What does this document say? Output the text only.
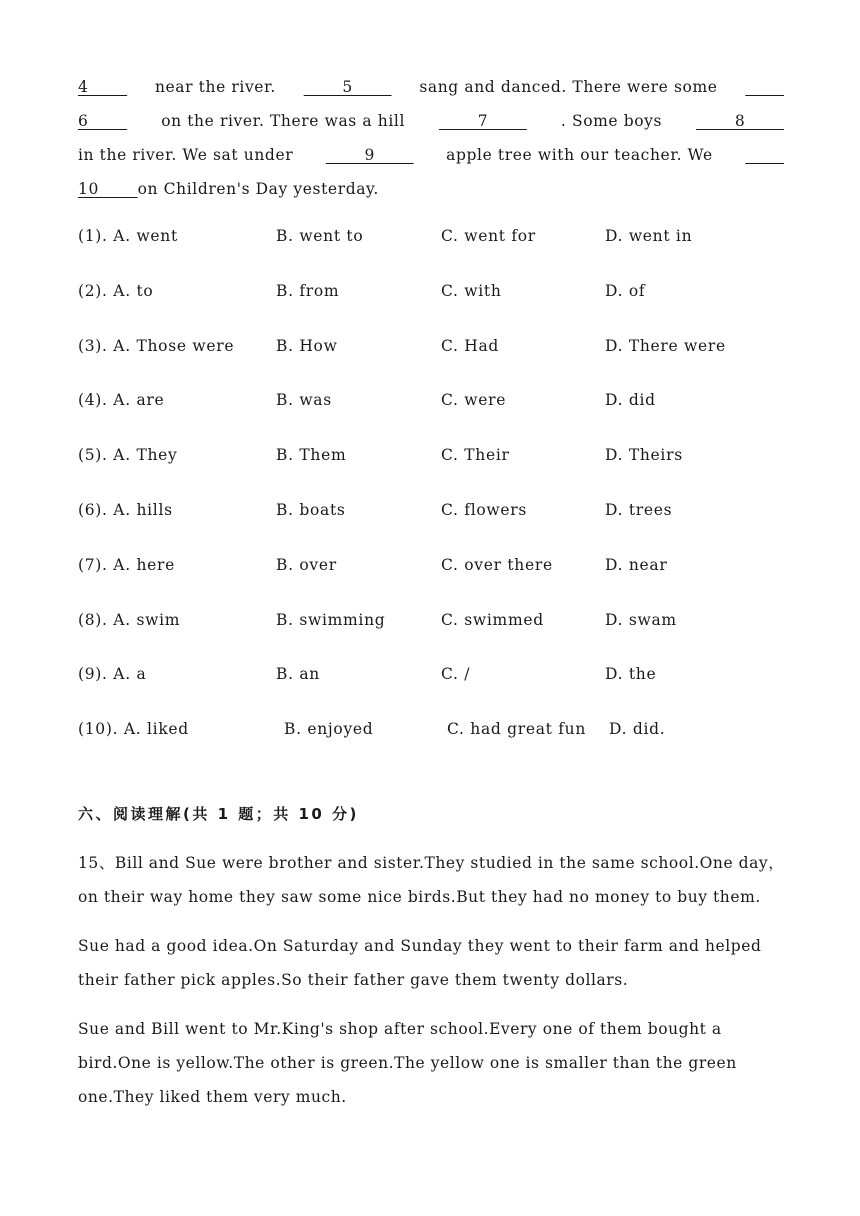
4 near the river. 5 sang and danced. There were some

6 on the river. There was a hill 7 . Some boys 8
in the river. We sat under 9 apple tree with our teacher. We

10 on Children's Day yesterday.
(1). A. went	B. went to	C. went for	D. went in
(2). A. to	B. from	C. with	D. of
(3). A. Those were	B. How	C. Had	D. There were
(4). A. are	B. was	C. were	D. did
(5). A. They	B. Them	C. Their	D. Theirs
(6). A. hills	B. boats	C. flowers	D. trees
(7). A. here	B. over	C. over there	D. near
(8). A. swim	B. swimming	C. swimmed	D. swam
(9). A. a	B. an	C. /	D. the
(10). A. liked	B. enjoyed	C. had great fun D. did.
六、阅读理解(共 1 题；共 10 分)

15、Bill and Sue were brother and sister.They studied in the same school.One day，
on their way home they saw some nice birds.But they had no money to buy them.

Sue had a good idea.On Saturday and Sunday they went to their farm and helped
their father pick apples.So their father gave them twenty dollars.

Sue and Bill went to Mr.King's shop after school.Every one of them bought a
bird.One is yellow.The other is green.The yellow one is smaller than the green
one.They liked them very much.
